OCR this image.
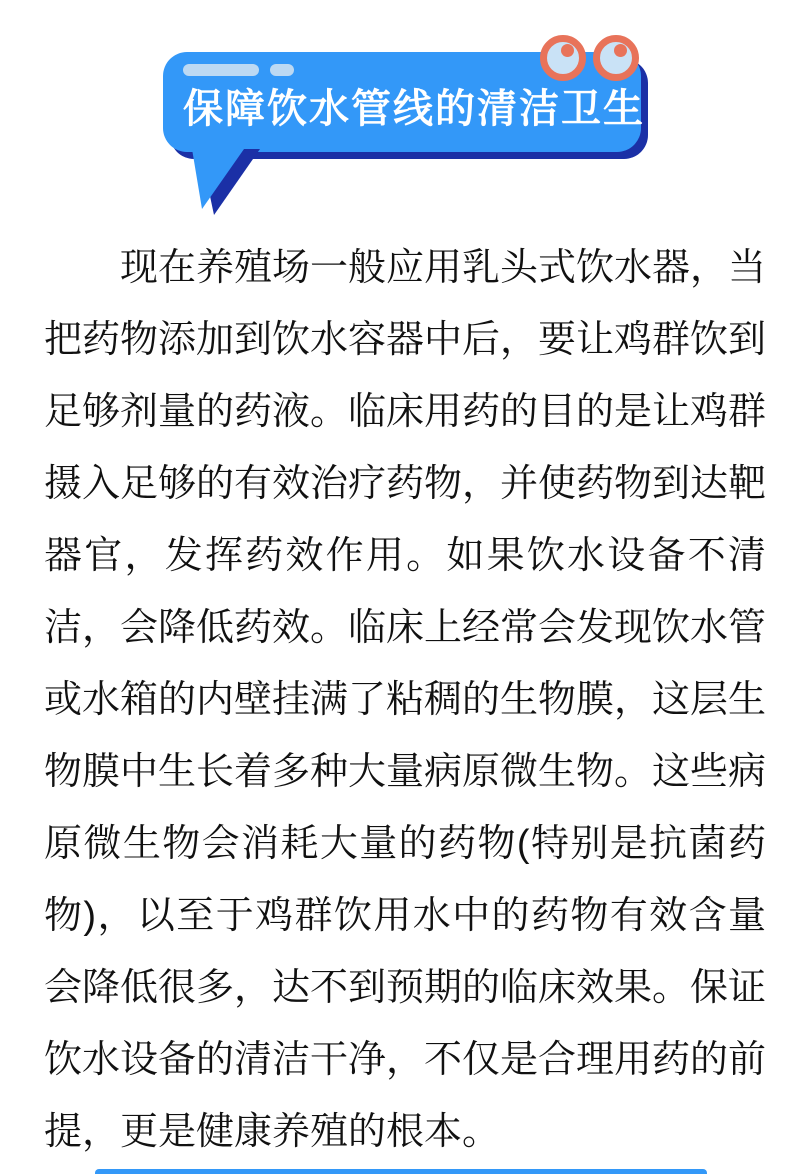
保障饮水管线的清洁卫生
现在养殖场一般应用乳头式饮水器，当把药物添加到饮水容器中后，要让鸡群饮到足够剂量的药液。临床用药的目的是让鸡群摄入足够的有效治疗药物，并使药物到达靶器官，发挥药效作用。如果饮水设备不清洁，会降低药效。临床上经常会发现饮水管或水箱的内壁挂满了粘稠的生物膜，这层生物膜中生长着多种大量病原微生物。这些病原微生物会消耗大量的药物(特别是抗菌药物)，以至于鸡群饮用水中的药物有效含量会降低很多，达不到预期的临床效果。保证饮水设备的清洁干净，不仅是合理用药的前提，更是健康养殖的根本。
